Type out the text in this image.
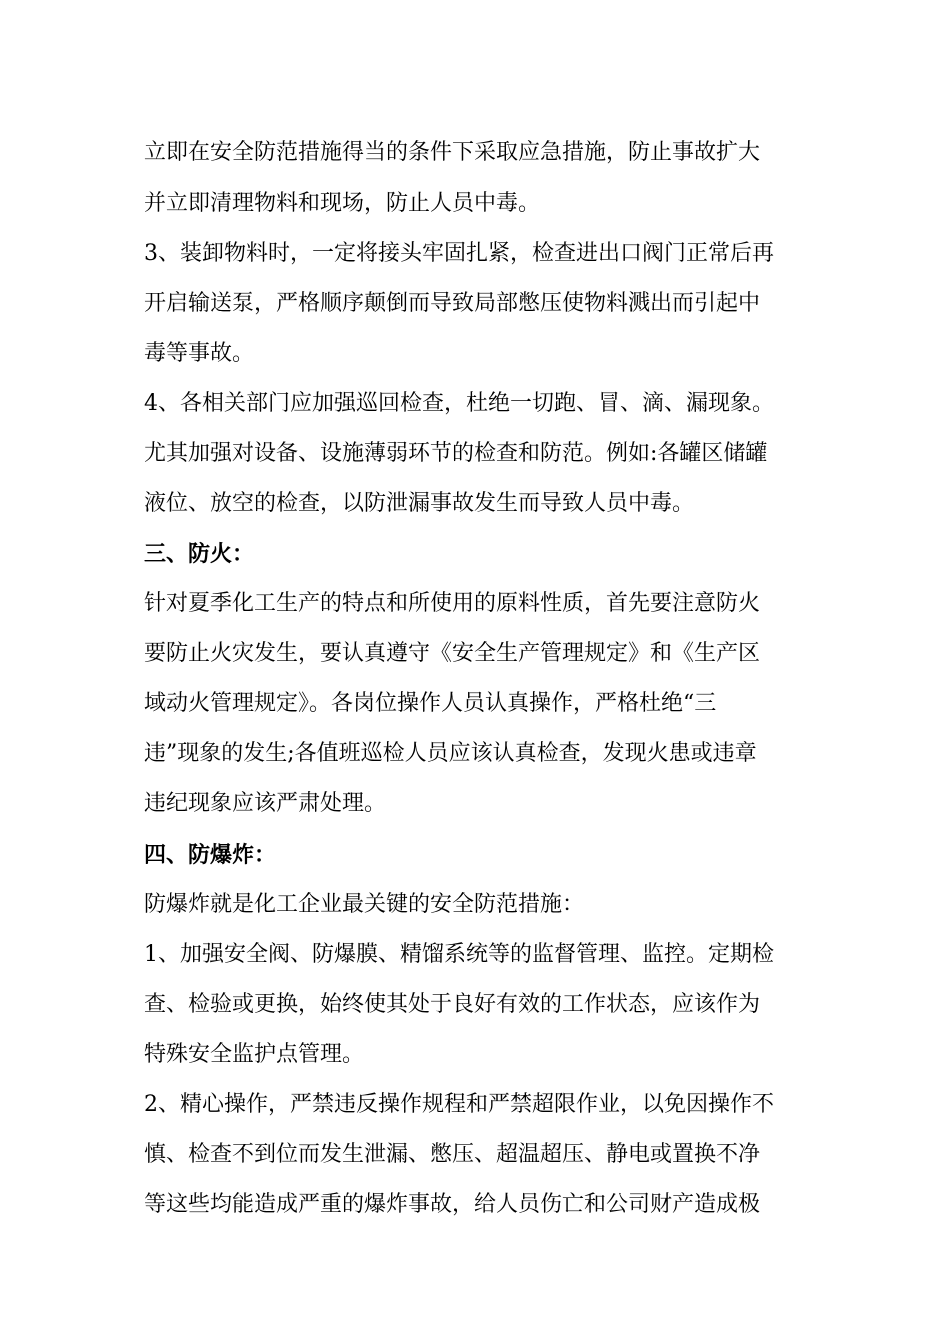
立即在安全防范措施得当的条件下采取应急措施，防止事故扩大
并立即清理物料和现场，防止人员中毒。
3、装卸物料时，一定将接头牢固扎紧，检查进出口阀门正常后再
开启输送泵，严格顺序颠倒而导致局部憋压使物料溅出而引起中
毒等事故。
4、各相关部门应加强巡回检查，杜绝一切跑、冒、滴、漏现象。
尤其加强对设备、设施薄弱环节的检查和防范。例如:各罐区储罐
液位、放空的检查，以防泄漏事故发生而导致人员中毒。
三、防火：
针对夏季化工生产的特点和所使用的原料性质，首先要注意防火
要防止火灾发生，要认真遵守《安全生产管理规定》和《生产区
域动火管理规定》。各岗位操作人员认真操作，严格杜绝“三
违”现象的发生;各值班巡检人员应该认真检查，发现火患或违章
违纪现象应该严肃处理。
四、防爆炸：
防爆炸就是化工企业最关键的安全防范措施：
1、加强安全阀、防爆膜、精馏系统等的监督管理、监控。定期检
查、检验或更换，始终使其处于良好有效的工作状态，应该作为
特殊安全监护点管理。
2、精心操作，严禁违反操作规程和严禁超限作业，以免因操作不
慎、检查不到位而发生泄漏、憋压、超温超压、静电或置换不净
等这些均能造成严重的爆炸事故，给人员伤亡和公司财产造成极
